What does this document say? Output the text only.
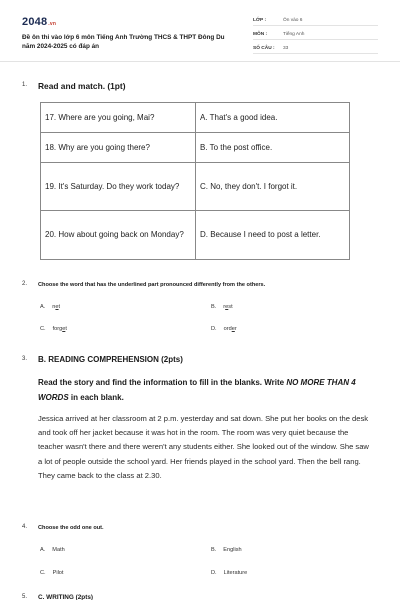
2048.vn
Đề ôn thi vào lớp 6 môn Tiếng Anh Trường THCS & THPT Đông Du năm 2024-2025 có đáp án
LỚP :	Ôn vào 6
MÔN :	Tiếng Anh
SỐ CÂU : 33
1. Read and match. (1pt)
17. Where are you going, Mai?	A. That's a good idea.
18. Why are you going there?	B. To the post office.
19. It's Saturday. Do they work today?	C. No, they don't. I forgot it.
20. How about going back on Monday?	D. Because I need to post a letter.
2. Choose the word that has the underlined part pronounced differently from the others.
A. net	B. rest
C. forget	D. order
3. B. READING COMPREHENSION (2pts)
Read the story and find the information to fill in the blanks. Write NO MORE THAN 4 WORDS in each blank.
Jessica arrived at her classroom at 2 p.m. yesterday and sat down. She put her books on the desk and took off her jacket because it was hot in the room. The room was very quiet because the teacher wasn't there and there weren't any students either. She looked out of the window. She saw a lot of people outside the school yard. Her friends played in the school yard. Then the bell rang. They came back to the class at 2.30.
4. Choose the odd one out.
A. Math	B. English
C. Pilot	D. Literature
5. C. WRITING (2pts)
